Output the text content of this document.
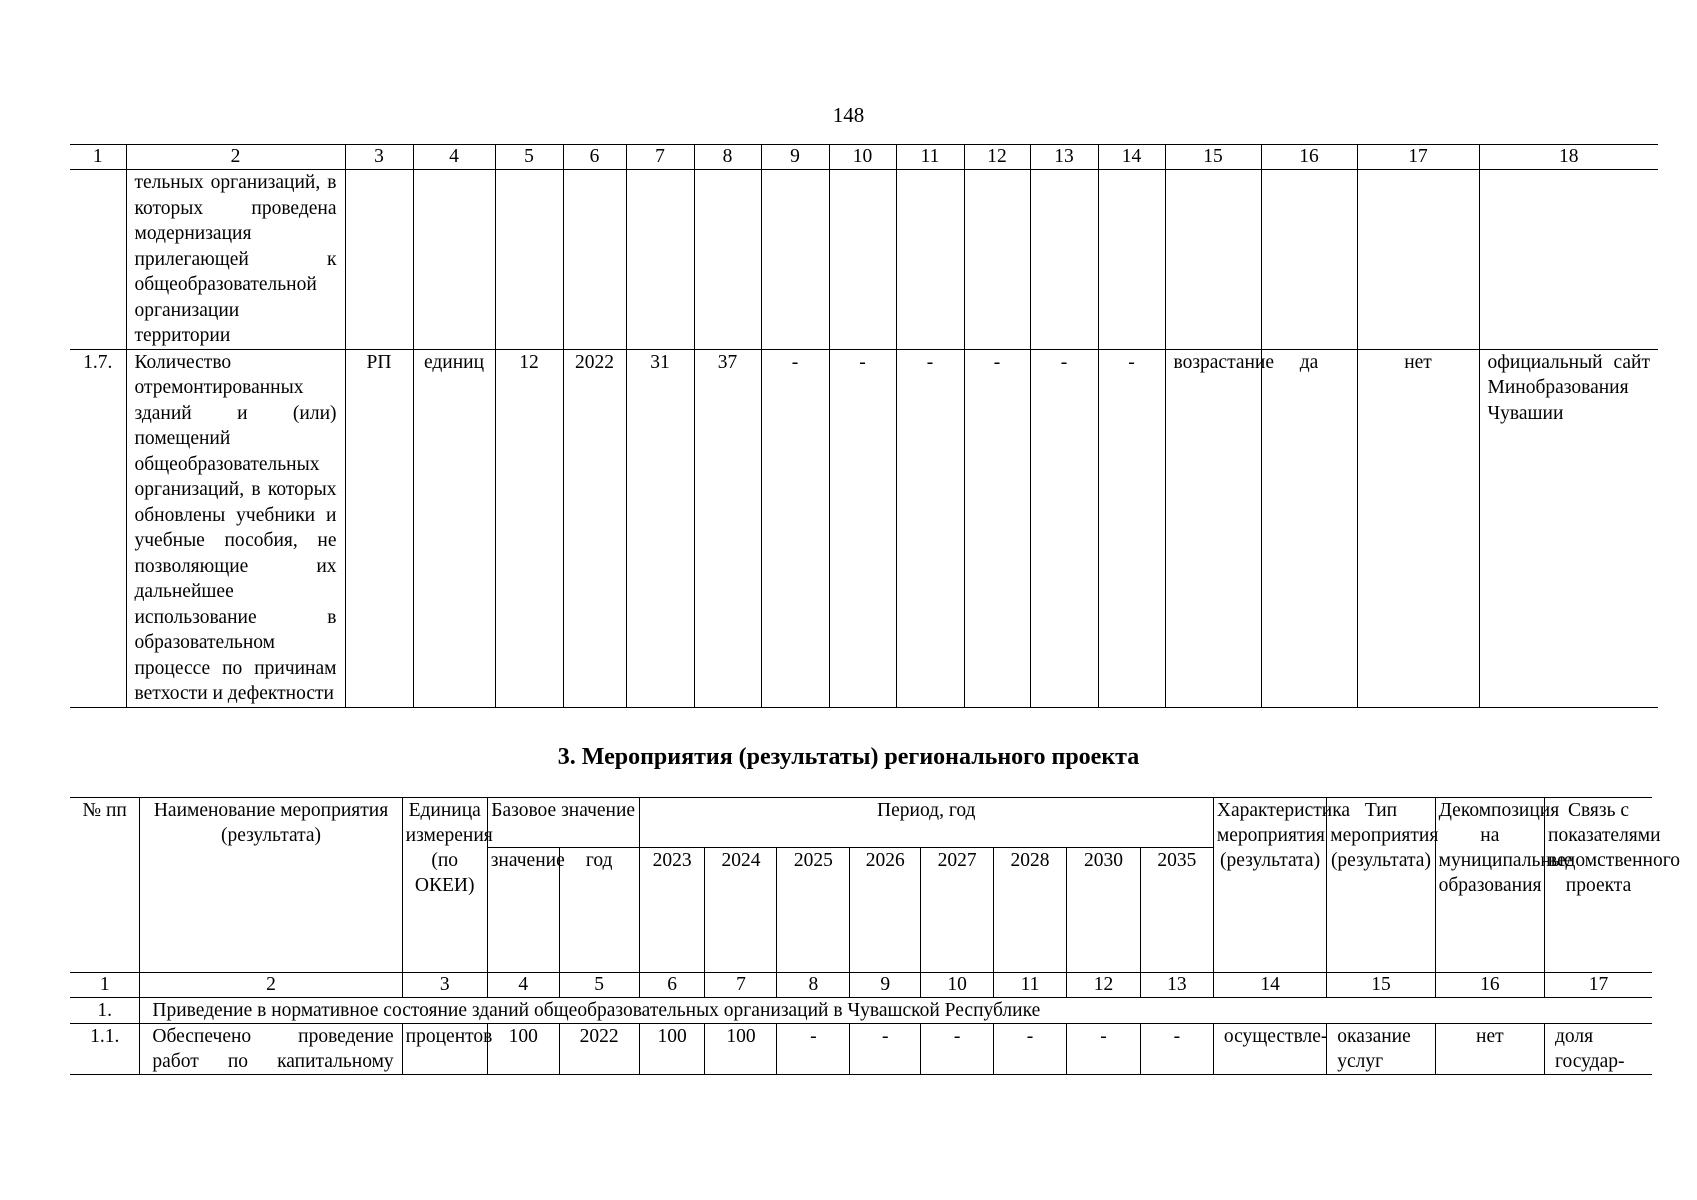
148
1	2	3	4	5	6	7	8	9	10	11	12	13	14	15	16	17	18
	тельных организаций, в которых проведена модернизация прилегающей к общеобразовательной организации территории																
1.7.	Количество отремонтированных зданий и (или) помещений общеобразовательных организаций, в которых обновлены учебники и учебные пособия, не позволяющие их дальнейшее использование в образовательном процессе по причинам ветхости и дефектности	РП	единиц	12	2022	31	37	-	-	-	-	-	-	возрастание	да	нет	официальный сайт Минобразования Чувашии
3. Мероприятия (результаты) регионального проекта
№ пп	Наименование мероприятия (результата)	Единица измерения (по ОКЕИ)	Базовое значение		Период, год								Характеристика мероприятия (результата)	Тип мероприятия (результата)	Декомпозиция на муниципальные образования	Связь с показателями ведомственного проекта
			значение	год	2023	2024	2025	2026	2027	2028	2030	2035				

1	2	3	4	5	6	7	8	9	10	11	12	13	14	15	16	17
1.	Приведение в нормативное состояние зданий общеобразовательных организаций в Чувашской Республике															
1.1.	Обеспечено проведение работ по капитальному	процентов	100	2022	100	100	-	-	-	-	-	-	осуществле-	оказание услуг	нет	доля государ-
